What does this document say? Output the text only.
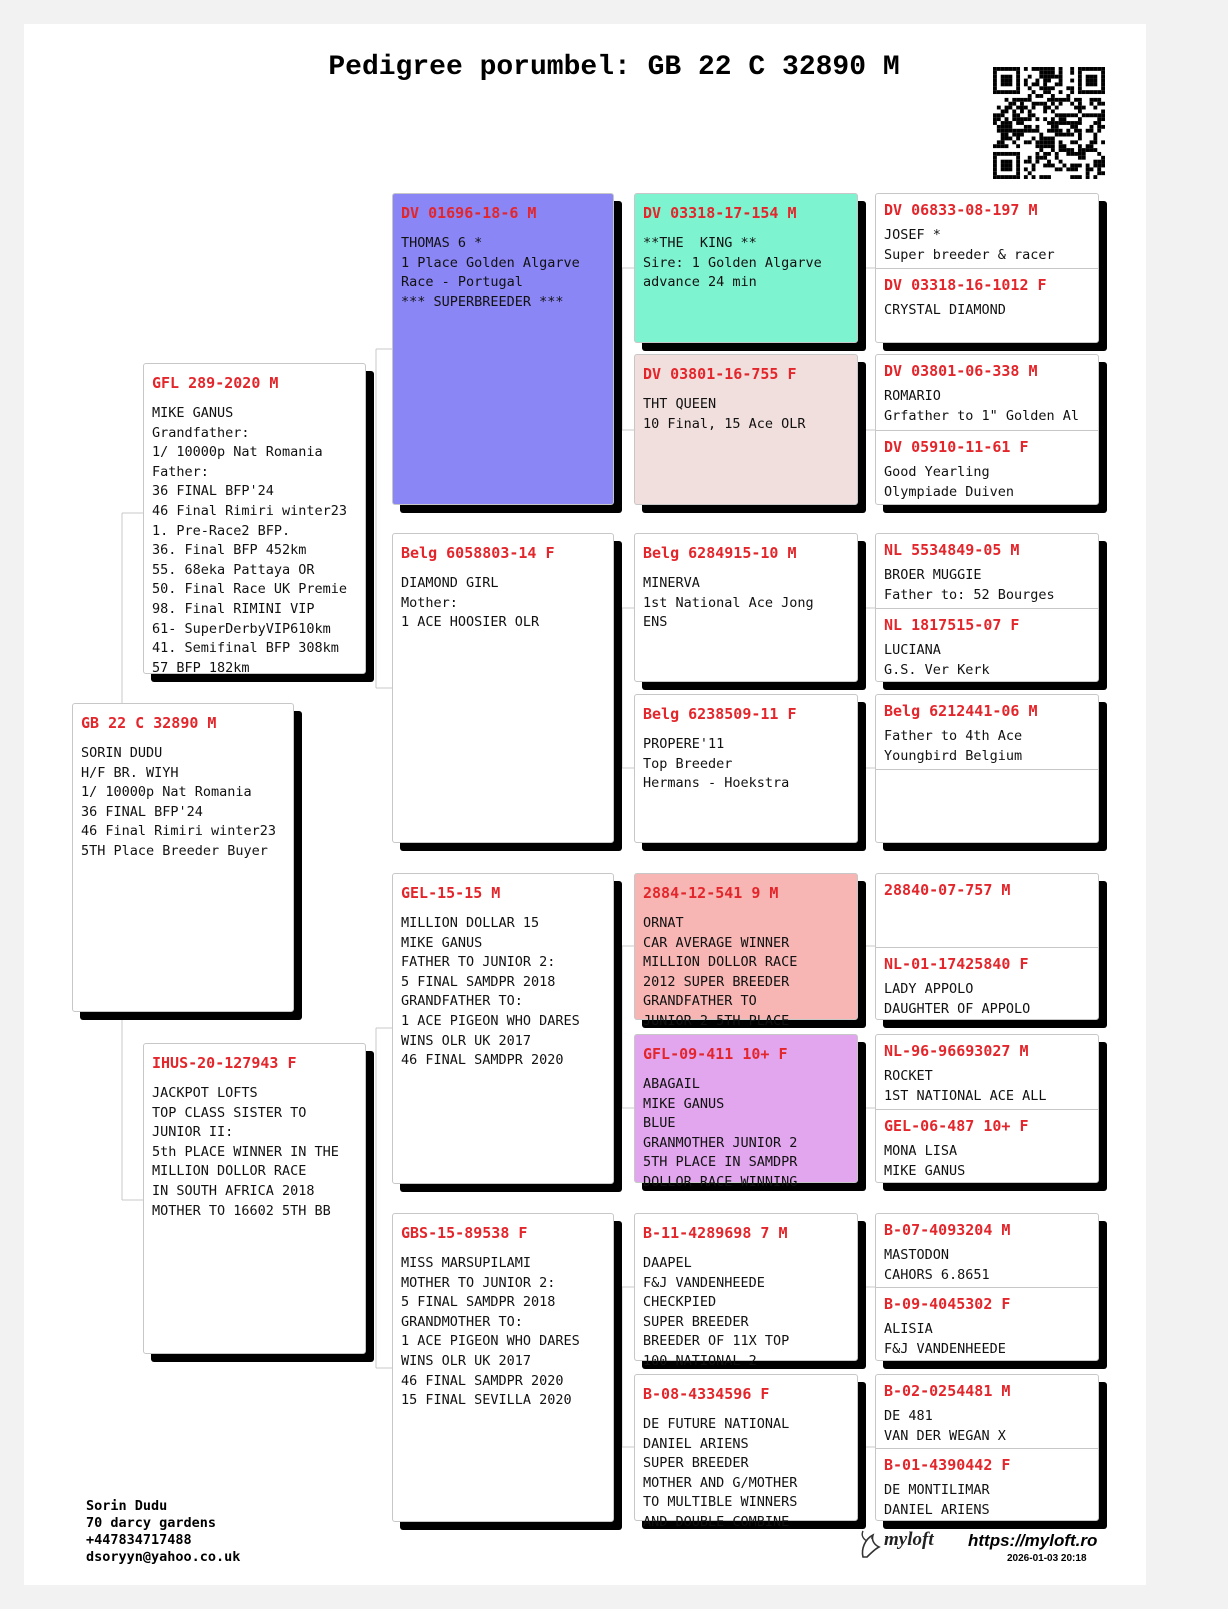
Pedigree porumbel: GB 22 C 32890 M
GB 22 C 32890 M
SORIN DUDU
H/F BR. WIYH
1/ 10000p Nat Romania
36 FINAL BFP'24
46 Final Rimiri winter23
5TH Place Breeder Buyer
GFL 289-2020 M
MIKE GANUS
Grandfather:
1/ 10000p Nat Romania
Father:
36 FINAL BFP'24
46 Final Rimiri winter23
1. Pre-Race2 BFP.
36. Final BFP 452km
55. 68eka Pattaya OR
50. Final Race UK Premie
98. Final RIMINI VIP
61- SuperDerbyVIP610km
41. Semifinal BFP 308km
57 BFP 182km
IHUS-20-127943 F
JACKPOT LOFTS
TOP CLASS SISTER TO
JUNIOR II:
5th PLACE WINNER IN THE
MILLION DOLLOR RACE
IN SOUTH AFRICA 2018
MOTHER TO 16602 5TH BB
DV 01696-18-6 M
THOMAS 6 *
1 Place Golden Algarve
Race - Portugal
*** SUPERBREEDER ***
Belg 6058803-14 F
DIAMOND GIRL
Mother:
1 ACE HOOSIER OLR
GEL-15-15 M
MILLION DOLLAR 15
MIKE GANUS
FATHER TO JUNIOR 2:
5 FINAL SAMDPR 2018
GRANDFATHER TO:
1 ACE PIGEON WHO DARES
WINS OLR UK 2017
46 FINAL SAMDPR 2020
GBS-15-89538 F
MISS MARSUPILAMI
MOTHER TO JUNIOR 2:
5 FINAL SAMDPR 2018
GRANDMOTHER TO:
1 ACE PIGEON WHO DARES
WINS OLR UK 2017
46 FINAL SAMDPR 2020
15 FINAL SEVILLA 2020
DV 03318-17-154 M
**THE  KING **
Sire: 1 Golden Algarve
advance 24 min
DV 03801-16-755 F
THT QUEEN
10 Final, 15 Ace OLR
Belg 6284915-10 M
MINERVA
1st National Ace Jong
ENS
Belg 6238509-11 F
PROPERE'11
Top Breeder
Hermans - Hoekstra
2884-12-541 9 M
ORNAT
CAR AVERAGE WINNER
MILLION DOLLOR RACE
2012 SUPER BREEDER
GRANDFATHER TO
JUNIOR 2 5TH PLACE
GFL-09-411 10+ F
ABAGAIL
MIKE GANUS
BLUE
GRANMOTHER JUNIOR 2
5TH PLACE IN SAMDPR
DOLLOR RACE WINNING
B-11-4289698 7 M
DAAPEL
F&J VANDENHEEDE
CHECKPIED
SUPER BREEDER
BREEDER OF 11X TOP
100 NATIONAL 2
B-08-4334596 F
DE FUTURE NATIONAL
DANIEL ARIENS
SUPER BREEDER
MOTHER AND G/MOTHER
TO MULTIBLE WINNERS
AND DOUBLE COMBINE
DV 06833-08-197 M
JOSEF *
Super breeder & racer
DV 03318-16-1012 F
CRYSTAL DIAMOND
DV 03801-06-338 M
ROMARIO
Grfather to 1" Golden Al
DV 05910-11-61 F
Good Yearling
Olympiade Duiven
NL 5534849-05 M
BROER MUGGIE
Father to: 52 Bourges
NL 1817515-07 F
LUCIANA
G.S. Ver Kerk
Belg 6212441-06 M
Father to 4th Ace
Youngbird Belgium
28840-07-757 M
NL-01-17425840 F
LADY APPOLO
DAUGHTER OF APPOLO
NL-96-96693027 M
ROCKET
1ST NATIONAL ACE ALL
GEL-06-487 10+ F
MONA LISA
MIKE GANUS
B-07-4093204 M
MASTODON
CAHORS 6.8651
B-09-4045302 F
ALISIA
F&J VANDENHEEDE
B-02-0254481 M
DE 481
VAN DER WEGAN X
B-01-4390442 F
DE MONTILIMAR
DANIEL ARIENS
Sorin Dudu
70 darcy gardens
+447834717488
dsoryyn@yahoo.co.uk
myloft https://myloft.ro
2026-01-03 20:18
